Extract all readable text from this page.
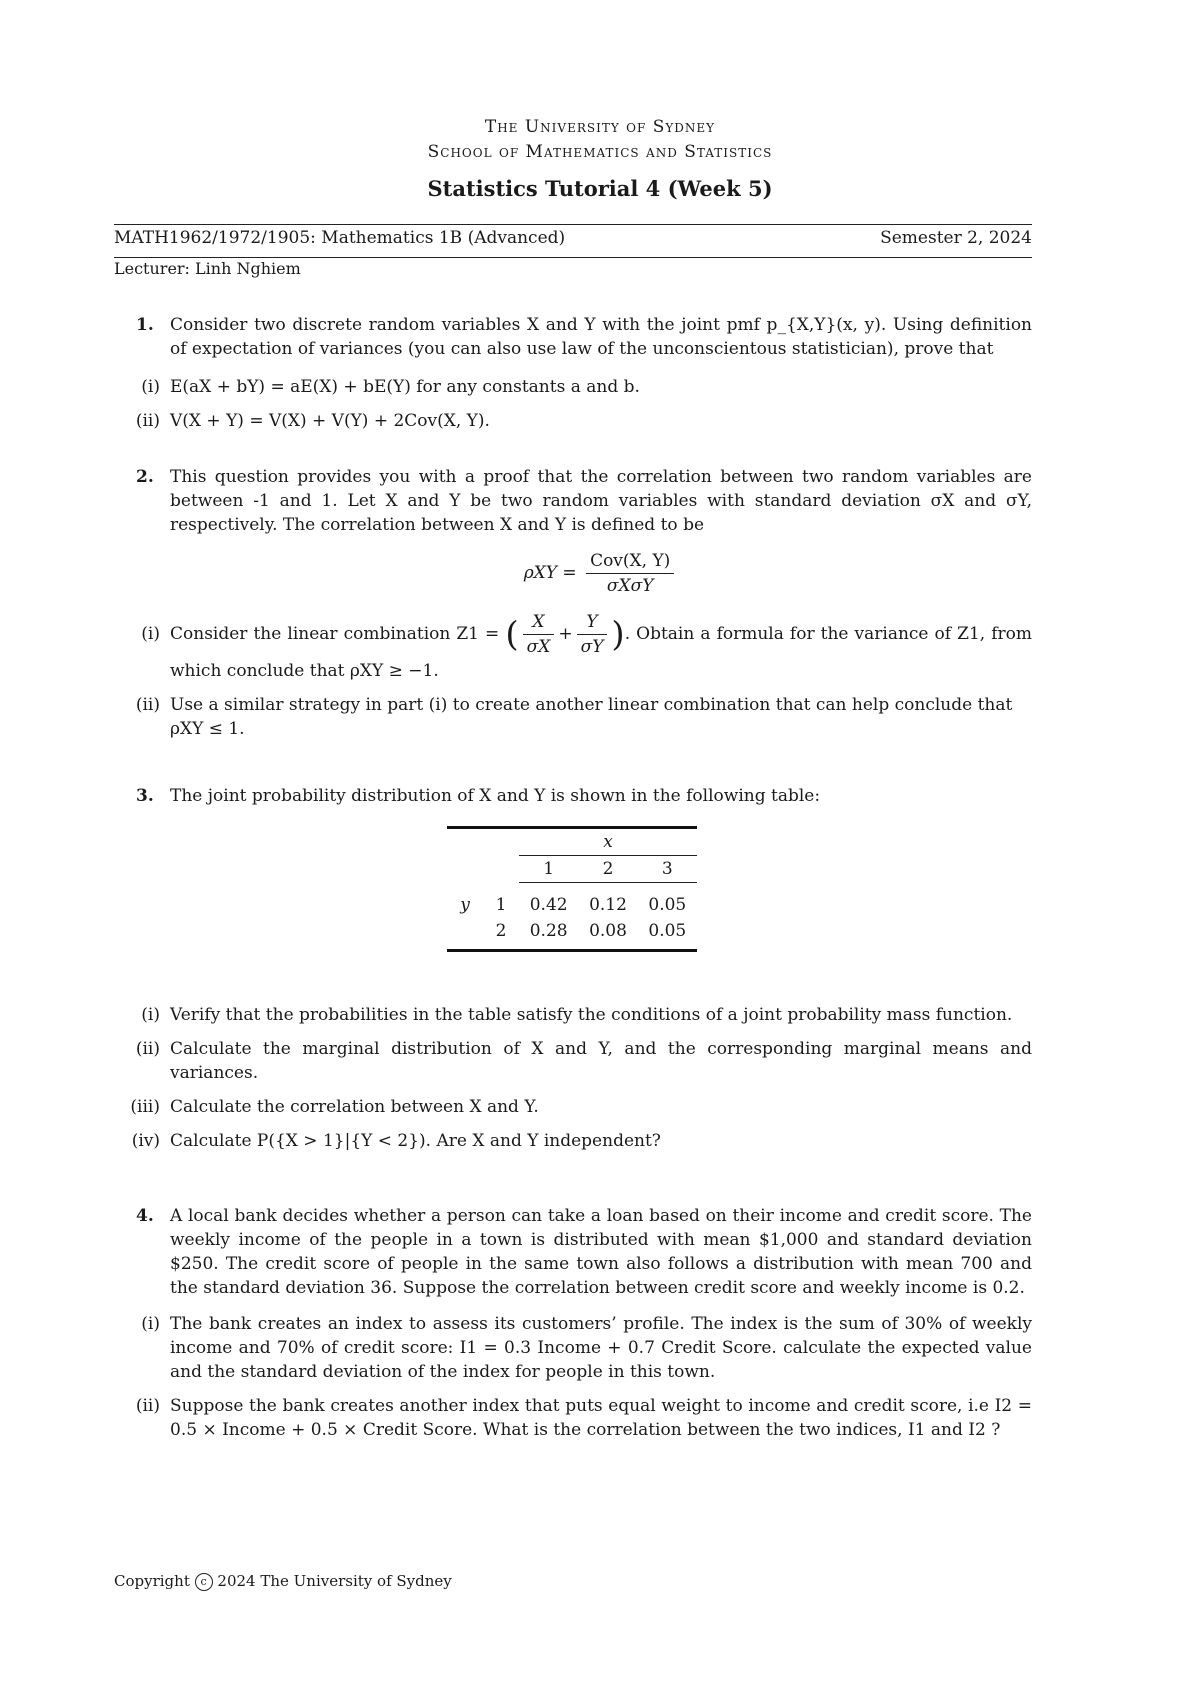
The University of Sydney
School of Mathematics and Statistics
Statistics Tutorial 4 (Week 5)
MATH1962/1972/1905: Mathematics 1B (Advanced)	Semester 2, 2024
Lecturer: Linh Nghiem
1. Consider two discrete random variables X and Y with the joint pmf p_{X,Y}(x, y). Using definition of expectation of variances (you can also use law of the unconscientous statistician), prove that
(i) E(aX + bY) = aE(X) + bE(Y) for any constants a and b.
(ii) V(X + Y) = V(X) + V(Y) + 2Cov(X, Y).
2. This question provides you with a proof that the correlation between two random variables are between -1 and 1. Let X and Y be two random variables with standard deviation σX and σY, respectively. The correlation between X and Y is defined to be
$\rho XY = \frac{\text{Cov(X, Y)}}{\text{σXσY}}$
(i) Consider the linear combination Z1 = ( $\frac{X}{\sigma X} + \frac{Y}{\sigma Y}$ ). Obtain a formula for the variance of Z1, from which conclude that ρXY ≥ −1.
(ii) Use a similar strategy in part (i) to create another linear combination that can help conclude that ρXY ≤ 1.
3. The joint probability distribution of X and Y is shown in the following table:
		x		
		1	2	3
y	1	0.42	0.12	0.05
	2	0.28	0.08	0.05
(i) Verify that the probabilities in the table satisfy the conditions of a joint probability mass function.
(ii) Calculate the marginal distribution of X and Y, and the corresponding marginal means and variances.
(iii) Calculate the correlation between X and Y.
(iv) Calculate P({X > 1}|{Y < 2}). Are X and Y independent?
4. A local bank decides whether a person can take a loan based on their income and credit score. The weekly income of the people in a town is distributed with mean $1,000 and standard deviation $250. The credit score of people in the same town also follows a distribution with mean 700 and the standard deviation 36. Suppose the correlation between credit score and weekly income is 0.2.
(i) The bank creates an index to assess its customers’ profile. The index is the sum of 30% of weekly income and 70% of credit score: I1 = 0.3 Income + 0.7 Credit Score. calculate the expected value and the standard deviation of the index for people in this town.
(ii) Suppose the bank creates another index that puts equal weight to income and credit score, i.e I2 = 0.5 × Income + 0.5 × Credit Score. What is the correlation between the two indices, I1 and I2 ?
Copyright c 2024 The University of Sydney
